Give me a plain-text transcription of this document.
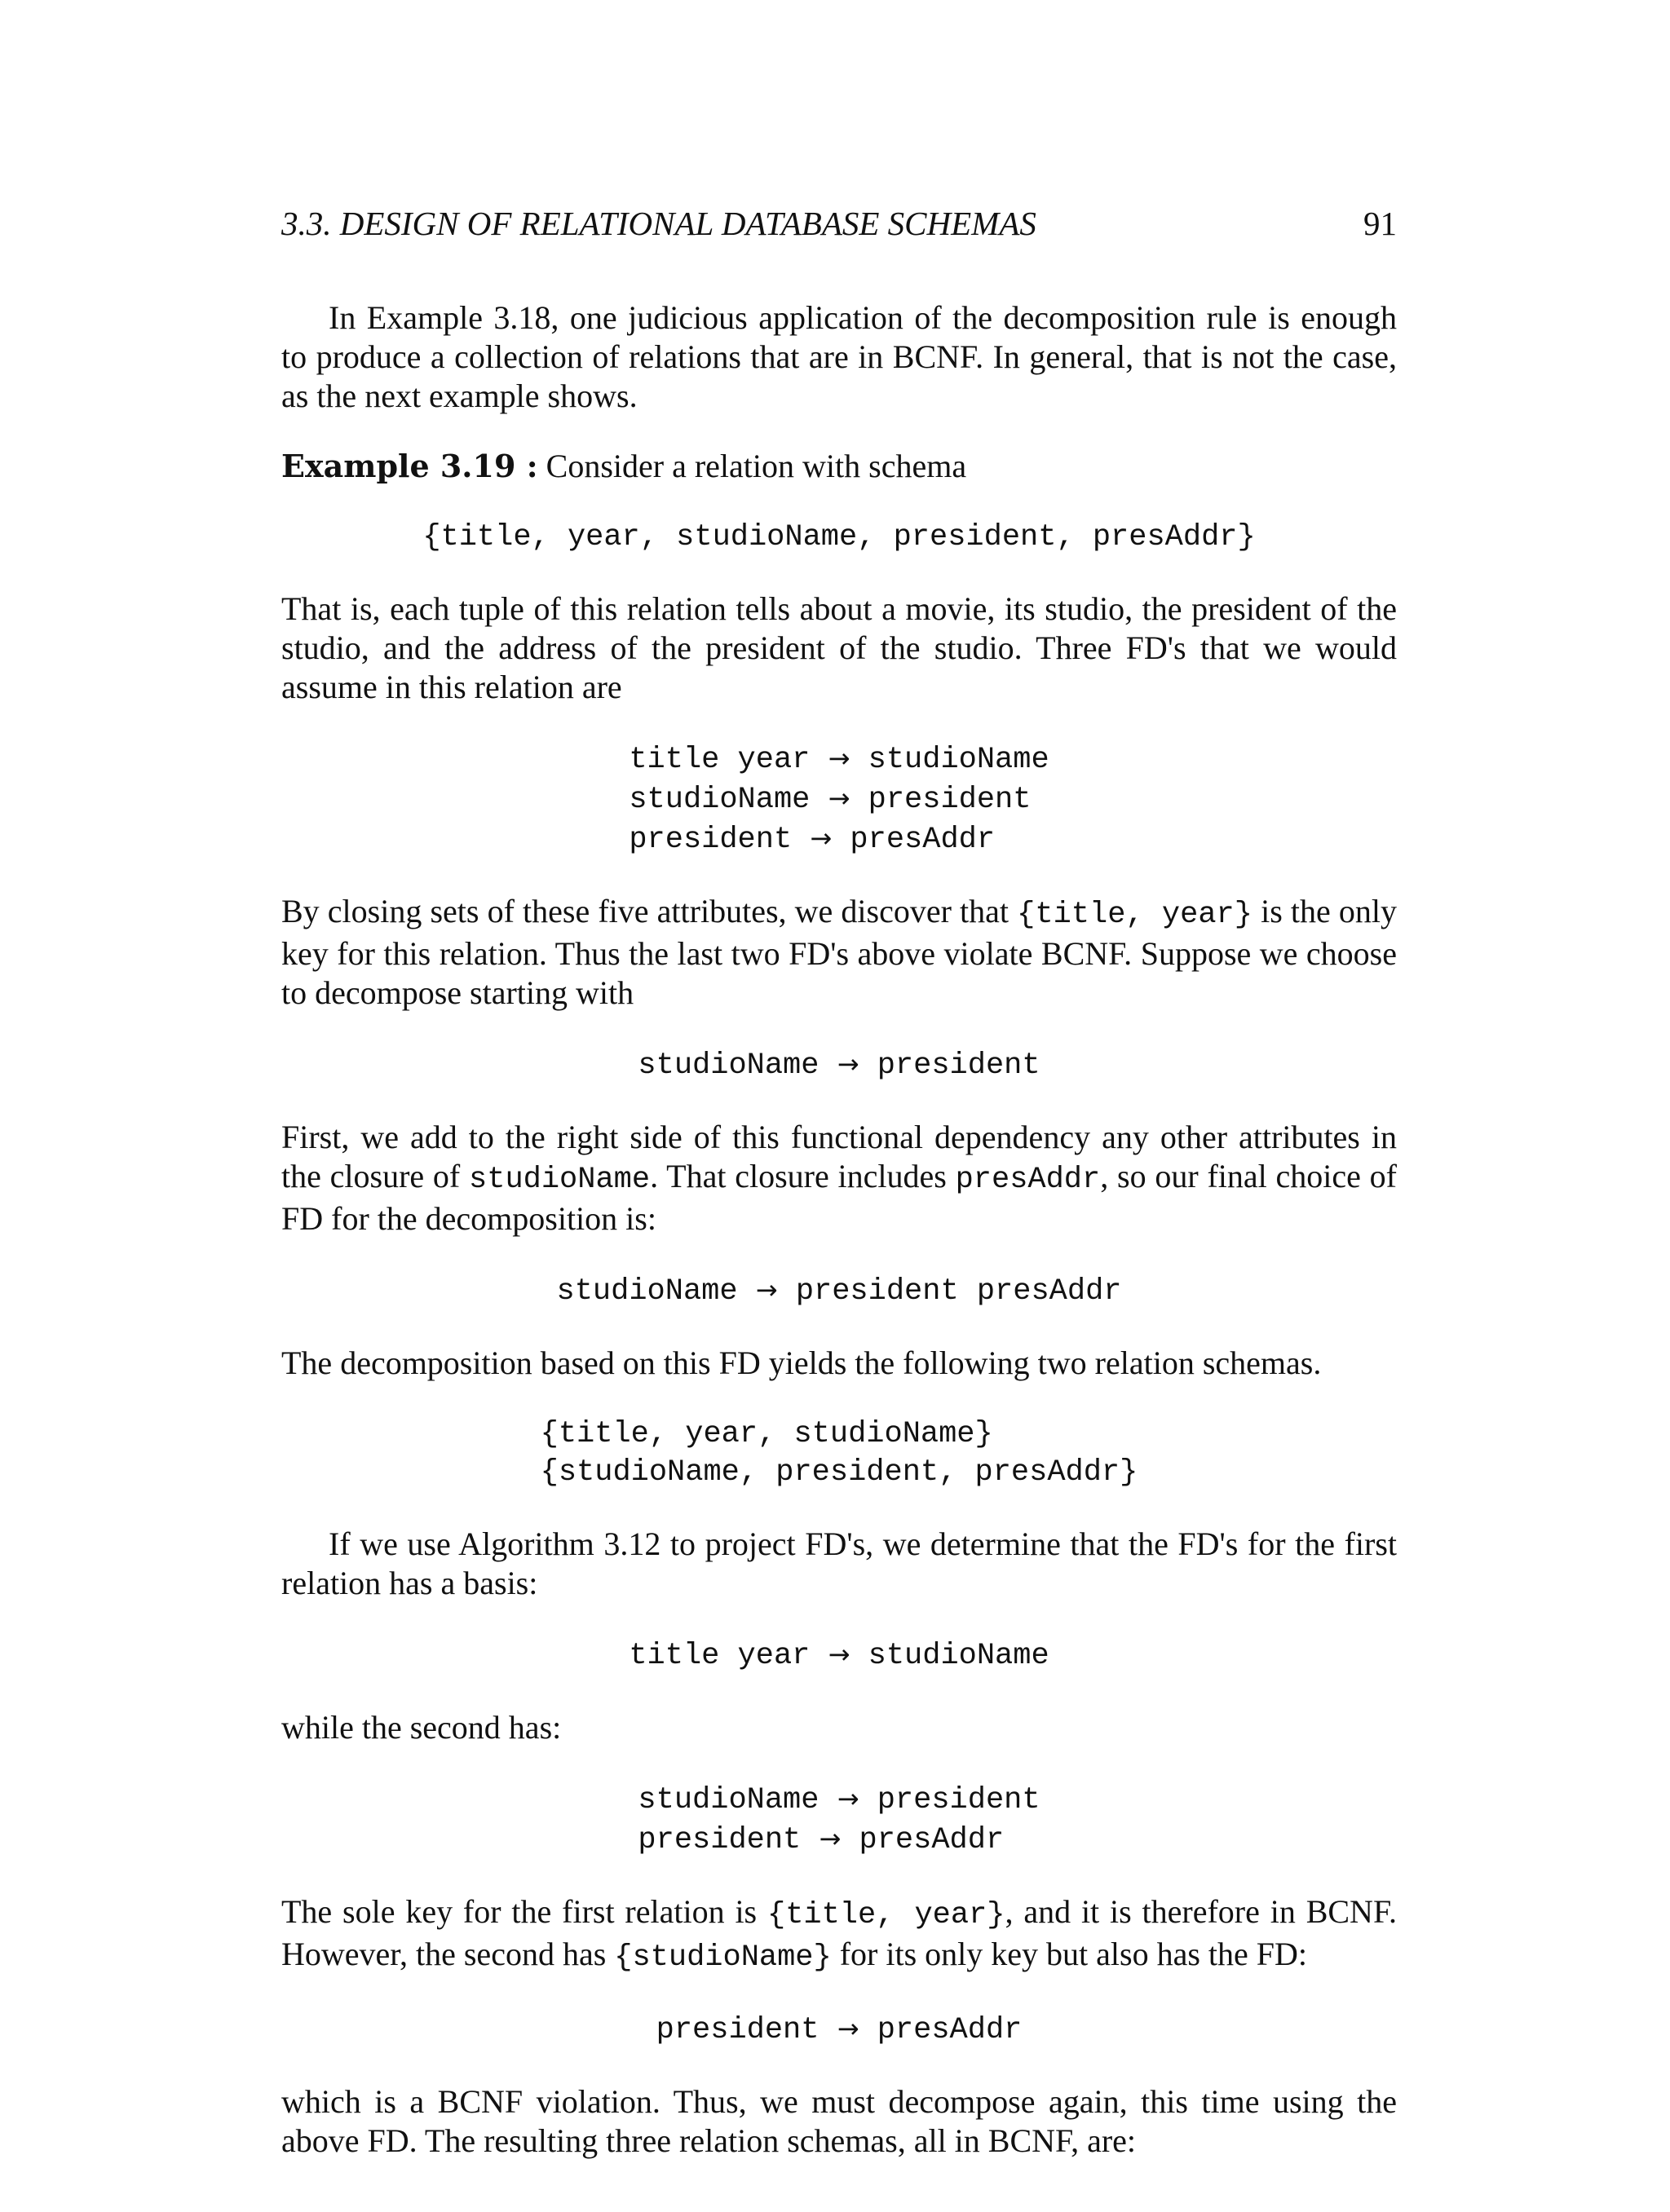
3.3. DESIGN OF RELATIONAL DATABASE SCHEMAS	91

In Example 3.18, one judicious application of the decomposition rule is enough to produce a collection of relations that are in BCNF. In general, that is not the case, as the next example shows.

Example 3.19 : Consider a relation with schema

{title, year, studioName, president, presAddr}

That is, each tuple of this relation tells about a movie, its studio, the president of the studio, and the address of the president of the studio. Three FD's that we would assume in this relation are

title year → studioName
studioName → president
president → presAddr

By closing sets of these five attributes, we discover that {title, year} is the only key for this relation. Thus the last two FD's above violate BCNF. Suppose we choose to decompose starting with

studioName → president

First, we add to the right side of this functional dependency any other attributes in the closure of studioName. That closure includes presAddr, so our final choice of FD for the decomposition is:

studioName → president presAddr

The decomposition based on this FD yields the following two relation schemas.

{title, year, studioName}
{studioName, president, presAddr}

If we use Algorithm 3.12 to project FD's, we determine that the FD's for the first relation has a basis:

title year → studioName

while the second has:

studioName → president
president → presAddr

The sole key for the first relation is {title, year}, and it is therefore in BCNF. However, the second has {studioName} for its only key but also has the FD:

president → presAddr

which is a BCNF violation. Thus, we must decompose again, this time using the above FD. The resulting three relation schemas, all in BCNF, are:
